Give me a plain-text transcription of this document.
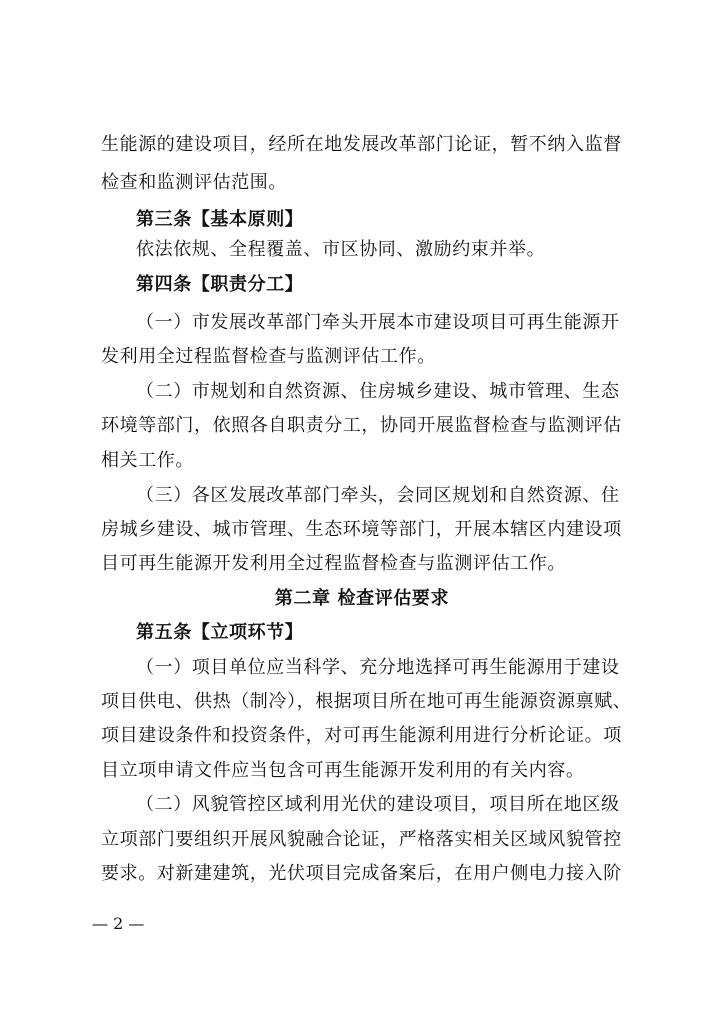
生能源的建设项目，经所在地发展改革部门论证，暂不纳入监督
检查和监测评估范围。
第三条【基本原则】
依法依规、全程覆盖、市区协同、激励约束并举。
第四条【职责分工】
（一）市发展改革部门牵头开展本市建设项目可再生能源开
发利用全过程监督检查与监测评估工作。
（二）市规划和自然资源、住房城乡建设、城市管理、生态
环境等部门，依照各自职责分工，协同开展监督检查与监测评估
相关工作。
（三）各区发展改革部门牵头，会同区规划和自然资源、住
房城乡建设、城市管理、生态环境等部门，开展本辖区内建设项
目可再生能源开发利用全过程监督检查与监测评估工作。
第二章 检查评估要求
第五条【立项环节】
（一）项目单位应当科学、充分地选择可再生能源用于建设
项目供电、供热（制冷），根据项目所在地可再生能源资源禀赋、
项目建设条件和投资条件，对可再生能源利用进行分析论证。项
目立项申请文件应当包含可再生能源开发利用的有关内容。
（二）风貌管控区域利用光伏的建设项目，项目所在地区级
立项部门要组织开展风貌融合论证，严格落实相关区域风貌管控
要求。对新建建筑，光伏项目完成备案后，在用户侧电力接入阶
— 2 —
